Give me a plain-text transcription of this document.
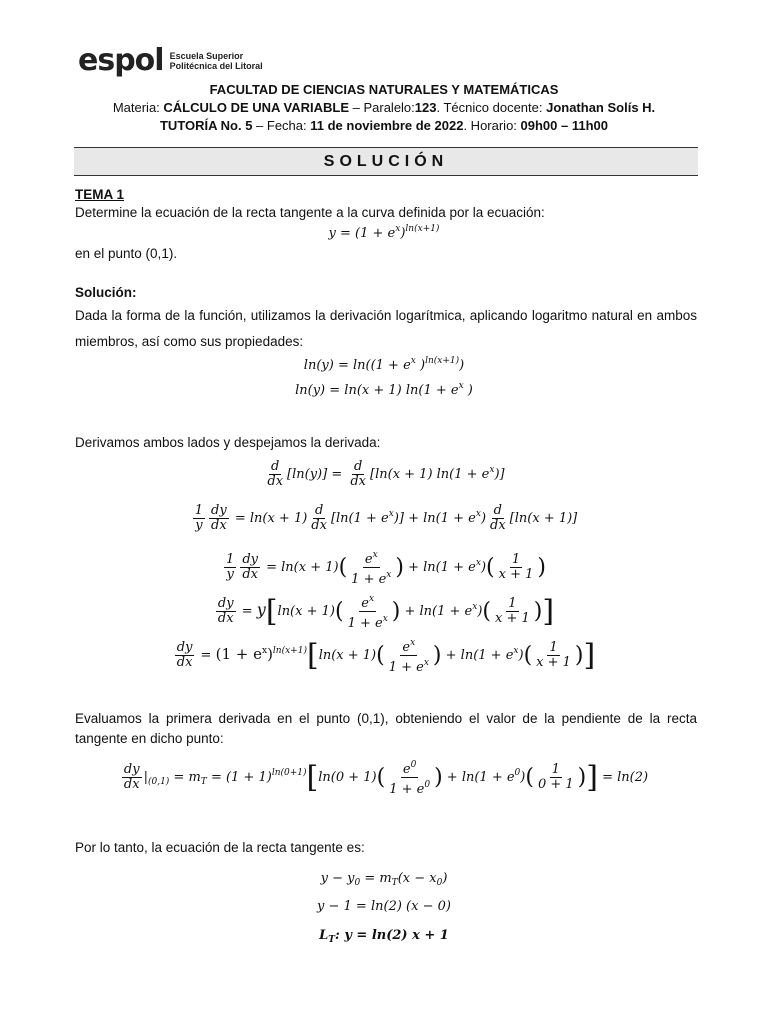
espol Escuela Superior
Politécnica del Litoral
FACULTAD DE CIENCIAS NATURALES Y MATEMÁTICAS
Materia: CÁLCULO DE UNA VARIABLE – Paralelo:123. Técnico docente: Jonathan Solís H.
TUTORÍA No. 5 – Fecha: 11 de noviembre de 2022. Horario: 09h00 – 11h00
SOLUCIÓN
TEMA 1
Determine la ecuación de la recta tangente a la curva definida por la ecuación:
$y = (1 + e^x)^{ln(x+1)}$
en el punto (0,1).
Solución:
Dada la forma de la función, utilizamos la derivación logarítmica, aplicando logaritmo natural en ambos miembros, así como sus propiedades:
$\ln(y) = \ln((1 + e^x$ )$^{ln(x+1)}$)
ln(y) = ln(x + 1) $\ln(1 + e^x$ )
Derivamos ambos lados y despejamos la derivada:
$\frac{d}{dx} [\ln(y)] = \frac{d}{dx} [\ln(x + 1) \ln(1 + e^x)]$
$\frac{1}{y} \frac{dy}{dx} = \ln(x + 1) \frac{d}{dx} [\ln(1 + e^x)] + \ln(1 + e^x) \frac{d}{dx} [\ln(x + 1)]$
$\frac{1}{y} \frac{dy}{dx} = \ln(x + 1)( \frac{e^x}{1 + e^x}$ ) + $\ln(1 + e^x)( \frac{1}{x + 1}$ )
$\frac{dy}{dx} = y[\ln(x + 1)( \frac{e^x}{1 + e^x}$ ) + $\ln(1 + e^x)( \frac{1}{x + 1}$ )]
$\frac{dy}{dx} = (1 + e^x)^{ln(x+1)}[\ln(x + 1)( \frac{e^x}{1 + e^x}$ ) + $\ln(1 + e^x)( \frac{1}{x + 1}$ )]
Evaluamos la primera derivada en el punto (0,1), obteniendo el valor de la pendiente de la recta tangente en dicho punto:
$\frac{dy}{dx} |_{(0,1)} = m_T = (1 + 1)^{ln(0+1)}[\ln(0 + 1)( \frac{e^0}{1 + e^0}$ ) + $\ln(1 + e^0)( \frac{1}{0 + 1}$ )] = ln(2)
Por lo tanto, la ecuación de la recta tangente es:
$y - y_0 = m_T(x - x_0)$
y − 1 = ln(2) (x − 0)
$L_T$: y = ln(2) x + 1
